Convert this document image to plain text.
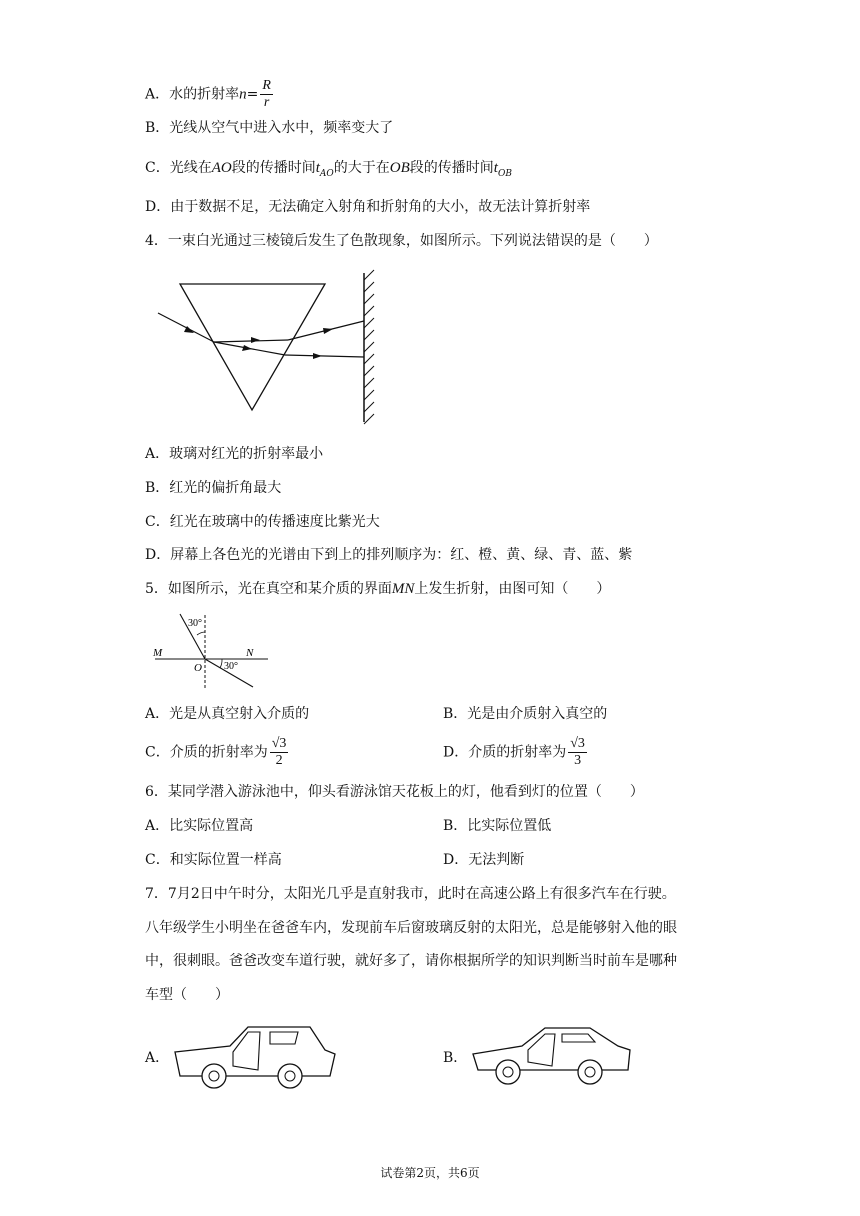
A．水的折射率$n= \frac{R}{r}$
B．光线从空气中进入水中，频率变大了
C．光线在AO段的传播时间$t_{AO}$的大于在OB段的传播时间$t_{OB}$
D．由于数据不足，无法确定入射角和折射角的大小，故无法计算折射率
4．一束白光通过三棱镜后发生了色散现象，如图所示。下列说法错误的是（　　）
A．玻璃对红光的折射率最小
B．红光的偏折角最大
C．红光在玻璃中的传播速度比紫光大
D．屏幕上各色光的光谱由下到上的排列顺序为：红、橙、黄、绿、青、蓝、紫
5．如图所示，光在真空和某介质的界面MN上发生折射，由图可知（　　）
30°
30°
M	N
O
A．光是从真空射入介质的	B．光是由介质射入真空的
C．介质的折射率为 $\frac{√3}{2}$	D．介质的折射率为 $\frac{√3}{3}$
6．某同学潜入游泳池中，仰头看游泳馆天花板上的灯，他看到灯的位置（　　）
A．比实际位置高	B．比实际位置低
C．和实际位置一样高	D．无法判断
7．7月2日中午时分，太阳光几乎是直射我市，此时在高速公路上有很多汽车在行驶。
八年级学生小明坐在爸爸车内，发现前车后窗玻璃反射的太阳光，总是能够射入他的眼
中，很刺眼。爸爸改变车道行驶，就好多了，请你根据所学的知识判断当时前车是哪种
车型（　　）
A．	B．
试卷第2页，共6页
